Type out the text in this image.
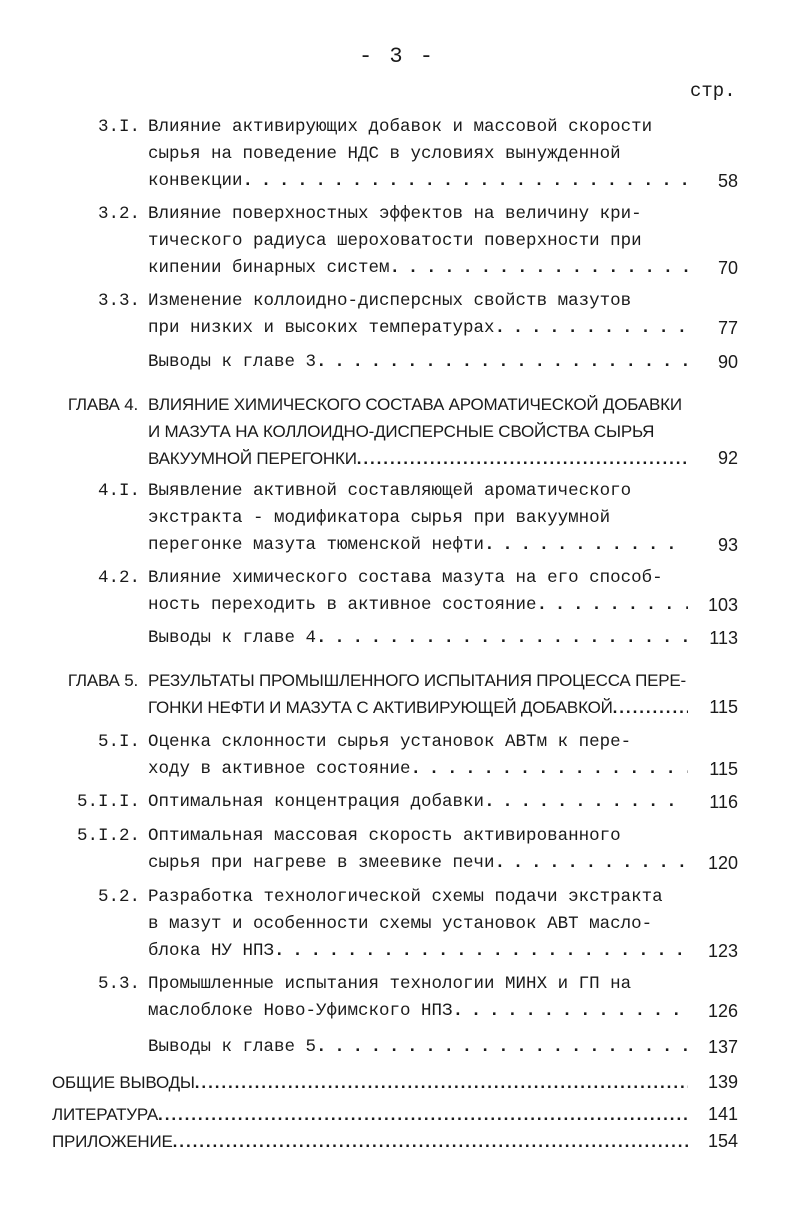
- 3 -
стр.
3.I. Влияние активирующих добавок и массовой скорости
сырья на поведение НДС в условиях вынужденной
конвекции . . .	58
3.2. Влияние поверхностных эффектов на величину кри-
тического радиуса шероховатости поверхности при
кипении бинарных систем . . .	70
3.3. Изменение коллоидно-дисперсных свойств мазутов
при низких и высоких температурах . . .	77
Выводы к главе 3 . . .	90
ГЛАВА 4. ВЛИЯНИЕ ХИМИЧЕСКОГО СОСТАВА АРОМАТИЧЕСКОЙ ДОБАВКИ
И МАЗУТА НА КОЛЛОИДНО-ДИСПЕРСНЫЕ СВОЙСТВА СЫРЬЯ
ВАКУУМНОЙ ПЕРЕГОНКИ . . .	92
4.I. Выявление активной составляющей ароматического
экстракта - модификатора сырья при вакуумной
перегонке мазута тюменской нефти . . .	93
4.2. Влияние химического состава мазута на его способ-
ность переходить в активное состояние . . .	103
Выводы к главе 4 . . .	113
ГЛАВА 5. РЕЗУЛЬТАТЫ ПРОМЫШЛЕННОГО ИСПЫТАНИЯ ПРОЦЕССА ПЕРЕ-
ГОНКИ НЕФТИ И МАЗУТА С АКТИВИРУЮЩЕЙ ДОБАВКОЙ . . .	115
5.I. Оценка склонности сырья установок АВТм к пере-
ходу в активное состояние . . .	115
5.I.I. Оптимальная концентрация добавки . . .	116
5.I.2. Оптимальная массовая скорость активированного
сырья при нагреве в змеевике печи . . .	120
5.2. Разработка технологической схемы подачи экстракта
в мазут и особенности схемы установок АВТ масло-
блока НУ НПЗ . . .	123
5.3. Промышленные испытания технологии МИНХ и ГП на
маслоблоке Ново-Уфимского НПЗ . . .	126
Выводы к главе 5 . . .	137
ОБЩИЕ ВЫВОДЫ . . .	139
ЛИТЕРАТУРА . . .	141
ПРИЛОЖЕНИЕ . . .	154
